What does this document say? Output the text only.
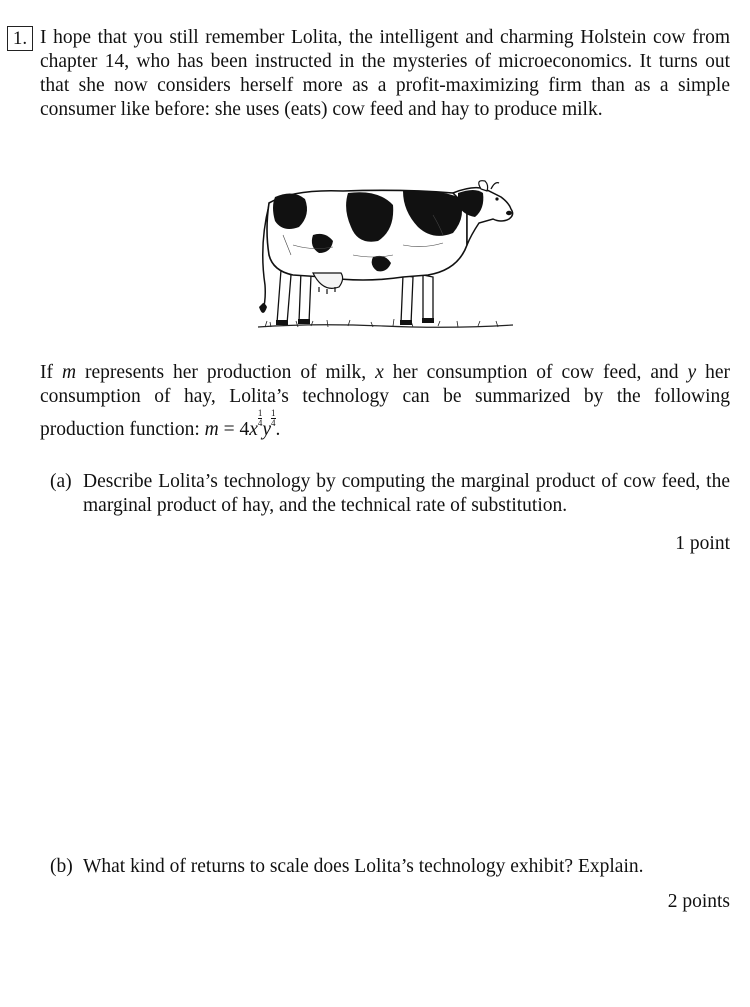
1. I hope that you still remember Lolita, the intelligent and charming Holstein cow from chapter 14, who has been instructed in the mysteries of microeconomics. It turns out that she now considers herself more as a profit-maximizing firm than as a simple consumer like before: she uses (eats) cow feed and hay to produce milk.

If m represents her production of milk, x her consumption of cow feed, and y her consumption of hay, Lolita’s technology can be summarized by the following production function: m = 4x
$\frac{1}{4}$
y
$\frac{1}{4}$
.

(a) Describe Lolita’s technology by computing the marginal product of cow feed, the marginal product of hay, and the technical rate of substitution.

1 point

(b) What kind of returns to scale does Lolita’s technology exhibit? Explain.

2 points
